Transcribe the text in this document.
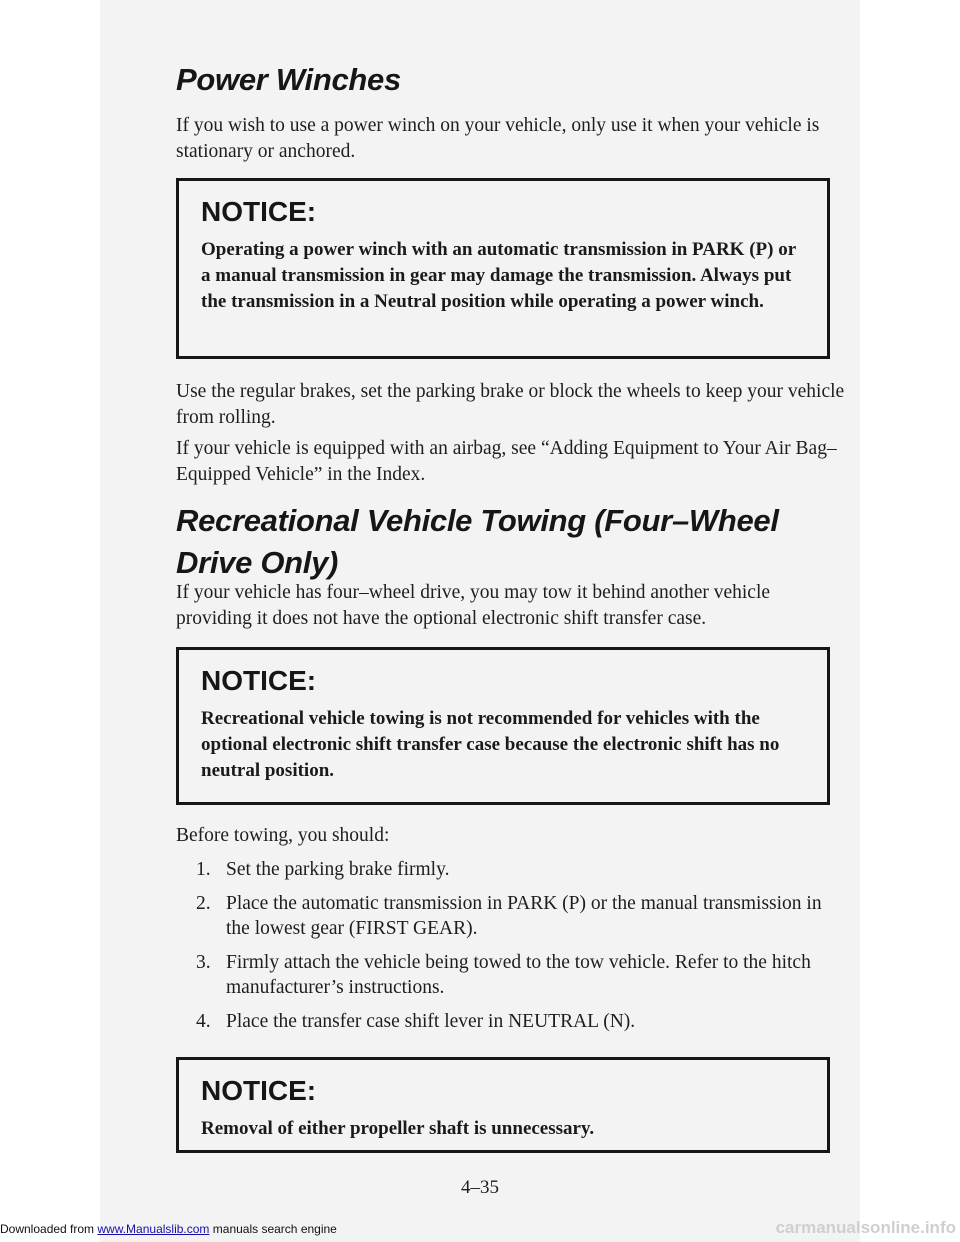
Power Winches

If you wish to use a power winch on your vehicle, only use it when your vehicle is stationary or anchored.

NOTICE:

Operating a power winch with an automatic transmission in PARK (P) or a manual transmission in gear may damage the transmission. Always put the transmission in a Neutral position while operating a power winch.

Use the regular brakes, set the parking brake or block the wheels to keep your vehicle from rolling.

If your vehicle is equipped with an airbag, see “Adding Equipment to Your Air Bag–Equipped Vehicle” in the Index.

Recreational Vehicle Towing (Four–Wheel
Drive Only)

If your vehicle has four–wheel drive, you may tow it behind another vehicle providing it does not have the optional electronic shift transfer case.

NOTICE:

Recreational vehicle towing is not recommended for vehicles with the optional electronic shift transfer case because the electronic shift has no neutral position.

Before towing, you should:

1. Set the parking brake firmly.
2. Place the automatic transmission in PARK (P) or the manual transmission in the lowest gear (FIRST GEAR).
3. Firmly attach the vehicle being towed to the tow vehicle. Refer to the hitch manufacturer’s instructions.
4. Place the transfer case shift lever in NEUTRAL (N).

NOTICE:

Removal of either propeller shaft is unnecessary.

4–35
Downloaded from www.Manualslib.com manuals search engine	carmanualsonline.info
